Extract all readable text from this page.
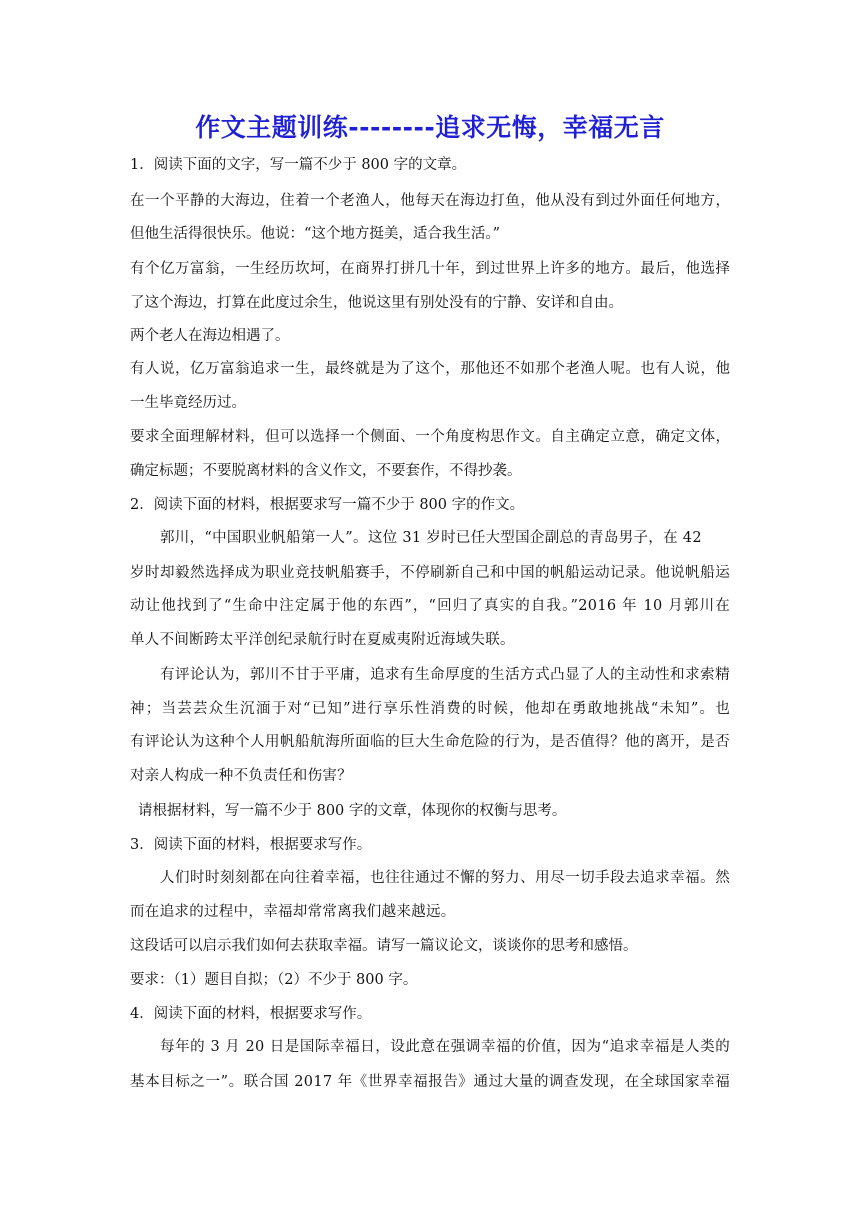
作文主题训练--------追求无悔，幸福无言
1．阅读下面的文字，写一篇不少于 800 字的文章。
在一个平静的大海边，住着一个老渔人，他每天在海边打鱼，他从没有到过外面任何地方，
但他生活得很快乐。他说：“这个地方挺美，适合我生活。”
有个亿万富翁，一生经历坎坷，在商界打拼几十年，到过世界上许多的地方。最后，他选择
了这个海边，打算在此度过余生，他说这里有别处没有的宁静、安详和自由。
两个老人在海边相遇了。
有人说，亿万富翁追求一生，最终就是为了这个，那他还不如那个老渔人呢。也有人说，他
一生毕竟经历过。
要求全面理解材料，但可以选择一个侧面、一个角度构思作文。自主确定立意，确定文体，
确定标题；不要脱离材料的含义作文，不要套作，不得抄袭。
2．阅读下面的材料，根据要求写一篇不少于 800 字的作文。
郭川，“中国职业帆船第一人”。这位 31 岁时已任大型国企副总的青岛男子，在 42
岁时却毅然选择成为职业竞技帆船赛手，不停刷新自己和中国的帆船运动记录。他说帆船运
动让他找到了“生命中注定属于他的东西”，“回归了真实的自我。”2016 年 10 月郭川在
单人不间断跨太平洋创纪录航行时在夏威夷附近海域失联。
有评论认为，郭川不甘于平庸，追求有生命厚度的生活方式凸显了人的主动性和求索精
神；当芸芸众生沉湎于对“已知”进行享乐性消费的时候，他却在勇敢地挑战“未知”。也
有评论认为这种个人用帆船航海所面临的巨大生命危险的行为，是否值得？他的离开，是否
对亲人构成一种不负责任和伤害？
请根据材料，写一篇不少于 800 字的文章，体现你的权衡与思考。
3．阅读下面的材料，根据要求写作。
人们时时刻刻都在向往着幸福，也往往通过不懈的努力、用尽一切手段去追求幸福。然
而在追求的过程中，幸福却常常离我们越来越远。
这段话可以启示我们如何去获取幸福。请写一篇议论文，谈谈你的思考和感悟。
要求：（1）题目自拟；（2）不少于 800 字。
4．阅读下面的材料，根据要求写作。
每年的 3 月 20 日是国际幸福日，设此意在强调幸福的价值，因为“追求幸福是人类的
基本目标之一”。联合国 2017 年《世界幸福报告》通过大量的调查发现，在全球国家幸福
